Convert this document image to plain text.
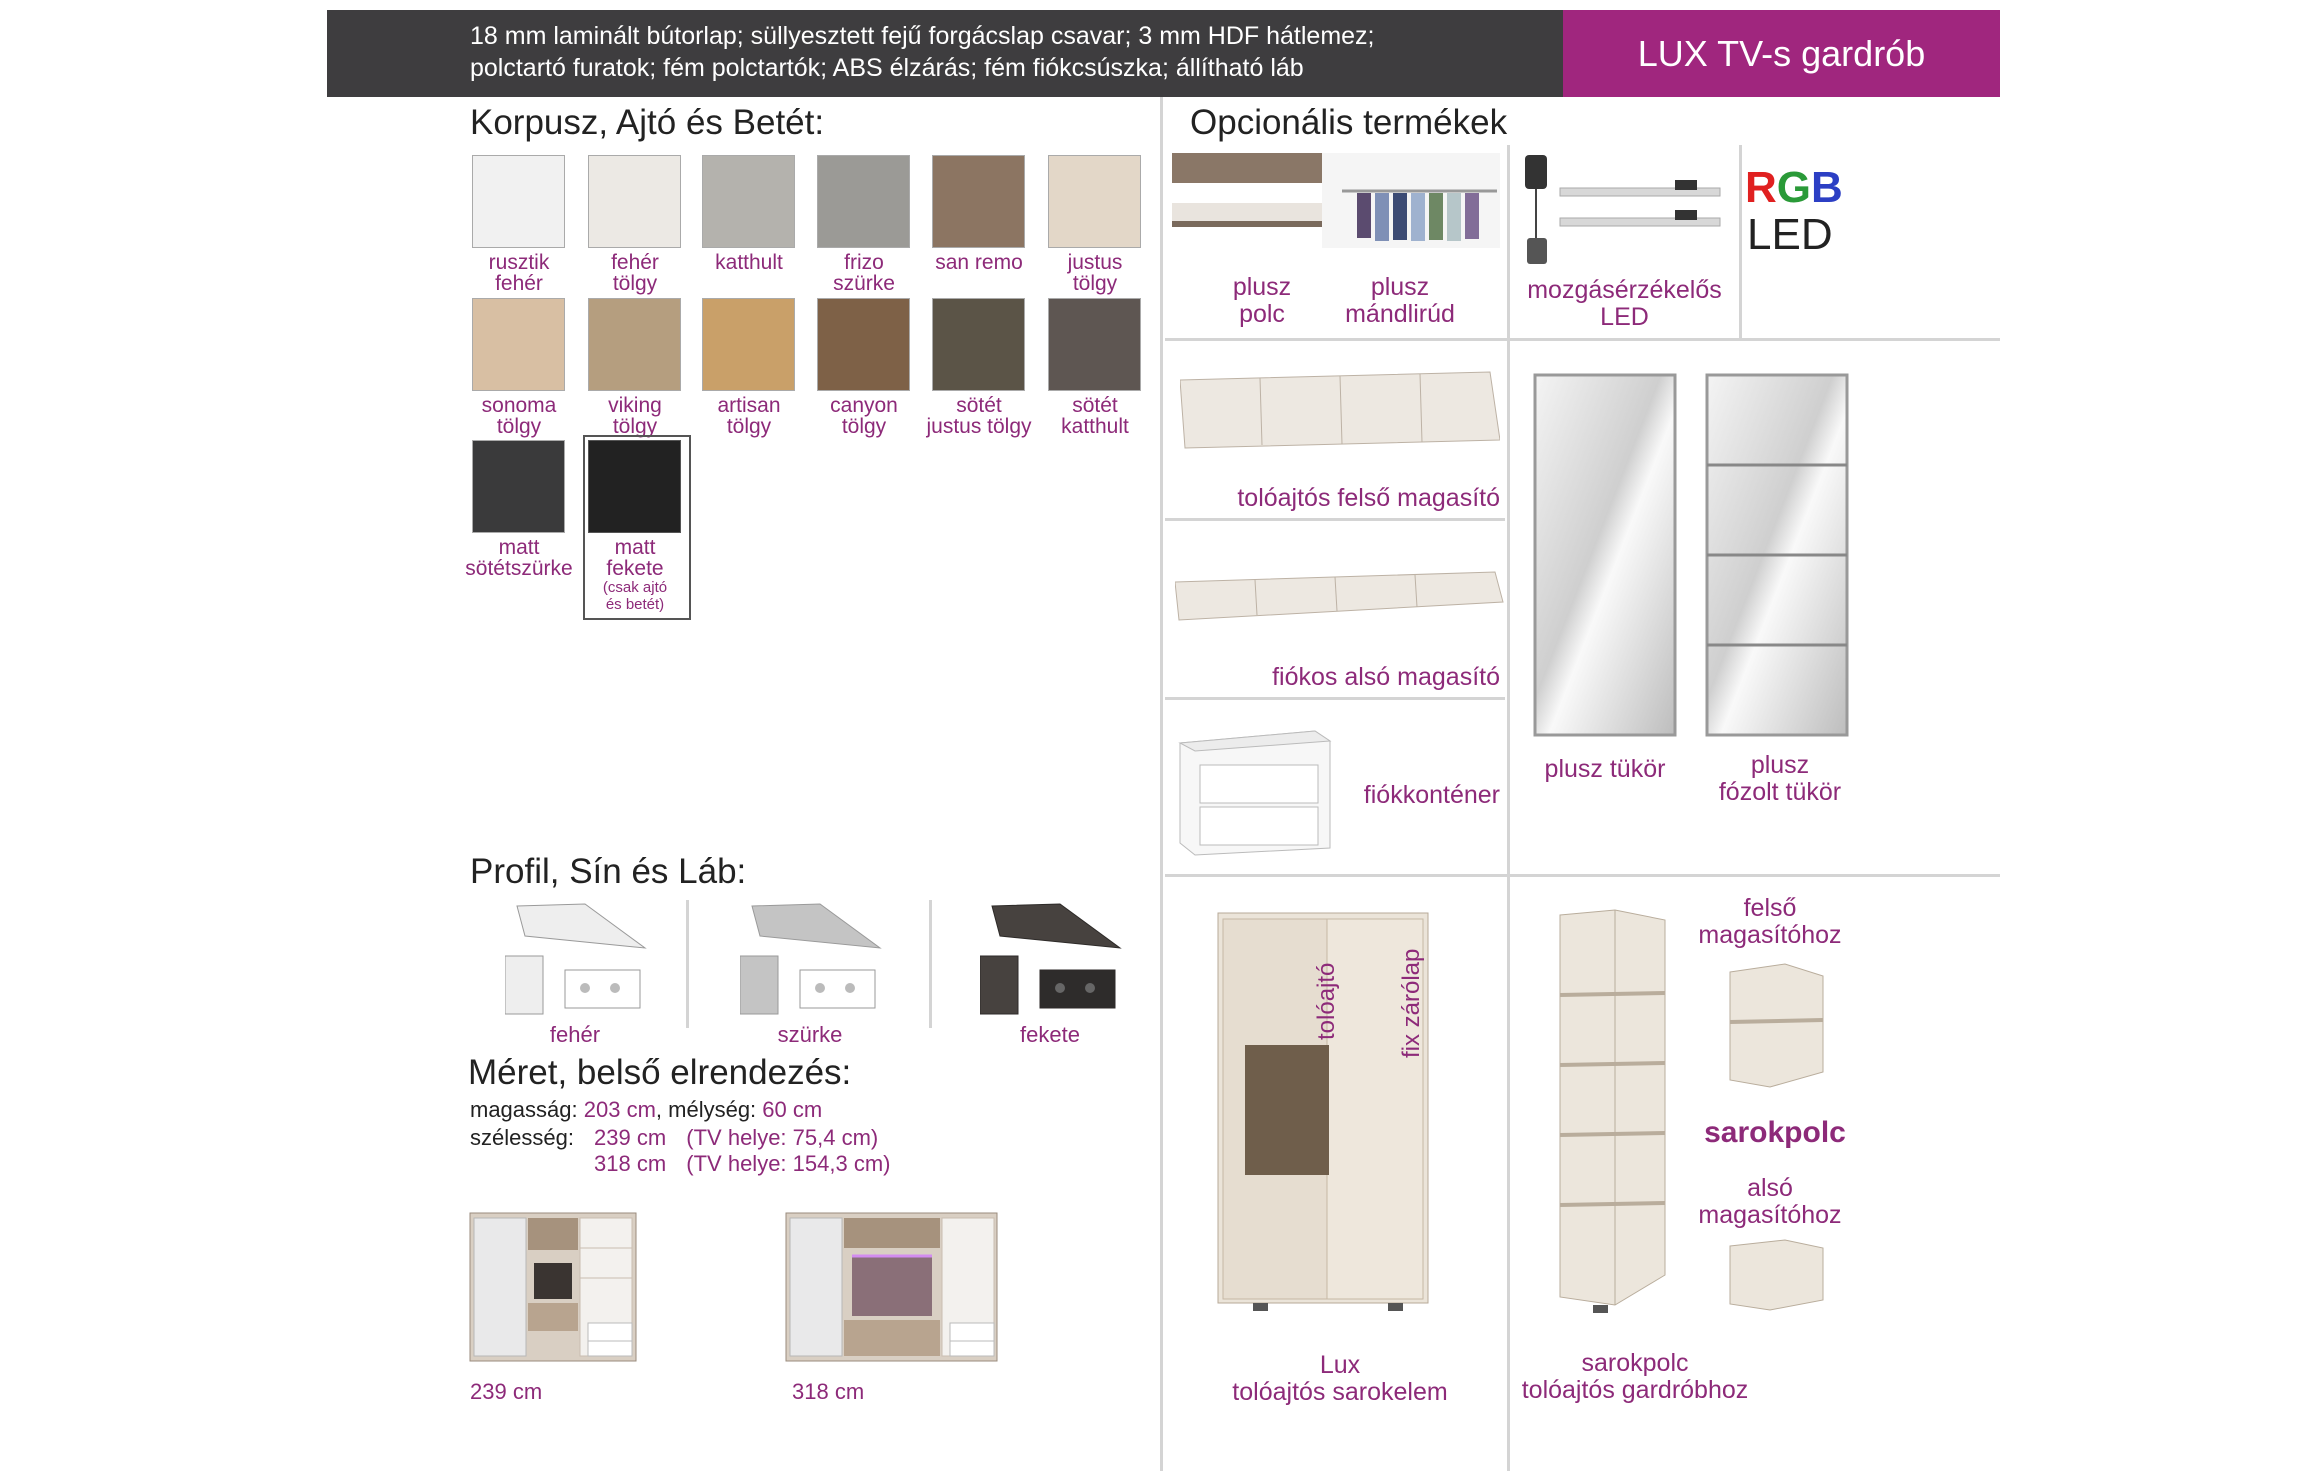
18 mm laminált bútorlap; süllyesztett fejű forgácslap csavar; 3 mm HDF hátlemez;
polctartó furatok; fém polctartók; ABS élzárás; fém fiókcsúszka; állítható láb	LUX TV-s gardrób
Korpusz, Ajtó és Betét:
rusztik
fehér
fehér
tölgy
katthult	frizo
szürke
san remo	justus
tölgy
sonoma
tölgy
viking
tölgy
artisan
tölgy
canyon
tölgy
sötét
justus tölgy
sötét
katthult
matt
sötétszürke
matt
fekete
(csak ajtó
és betét)
Profil, Sín és Láb:
fehér	szürke	fekete
Méret, belső elrendezés:
magasság: 203 cm, mélység: 60 cm
szélesség: 239 cm (TV helye: 75,4 cm)
318 cm (TV helye: 154,3 cm)
239 cm	318 cm
Opcionális termékek
plusz
polc
plusz
mándlirúd
mozgásérzékelős
LED
RGB
LED
tolóajtós felső magasító
fiókos alsó magasító
fiókkonténer
plusz tükör	plusz
fózolt tükör
tolóajtó fix zárólap
Lux
tolóajtós sarokelem
felső
magasítóhoz
sarokpolc
alsó
magasítóhoz
sarokpolc
tolóajtós gardróbhoz
